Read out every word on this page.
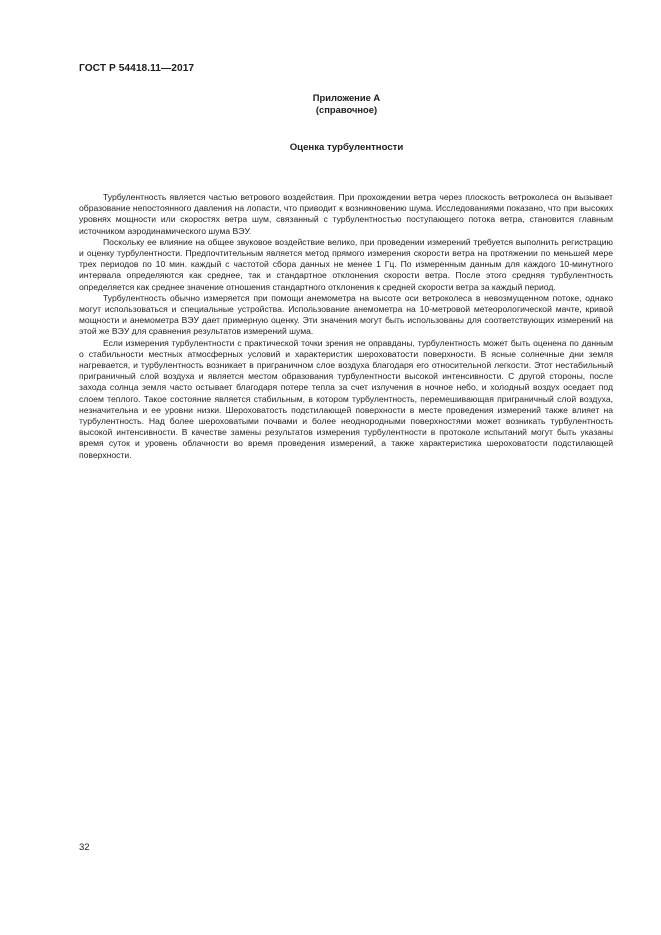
ГОСТ Р 54418.11—2017
Приложение А
(справочное)
Оценка турбулентности

Турбулентность является частью ветрового воздействия. При прохождении ветра через плоскость ветроколеса он вызывает образование непостоянного давления на лопасти, что приводит к возникновению шума. Исследованиями показано, что при высоких уровнях мощности или скоростях ветра шум, связанный с турбулентностью поступающего потока ветра, становится главным источником аэродинамического шума ВЭУ.

Поскольку ее влияние на общее звуковое воздействие велико, при проведении измерений требуется выполнить регистрацию и оценку турбулентности. Предпочтительным является метод прямого измерения скорости ветра на протяжении по меньшей мере трех периодов по 10 мин. каждый с частотой сбора данных не менее 1 Гц. По измеренным данным для каждого 10-минутного интервала определяются как среднее, так и стандартное отклонения скорости ветра. После этого средняя турбулентность определяется как среднее значение отношения стандартного отклонения к средней скорости ветра за каждый период.

Турбулентность обычно измеряется при помощи анемометра на высоте оси ветроколеса в невозмущенном потоке, однако могут использоваться и специальные устройства. Использование анемометра на 10-метровой метеорологической мачте, кривой мощности и анемометра ВЭУ дает примерную оценку. Эти значения могут быть использованы для соответствующих измерений на этой же ВЭУ для сравнения результатов измерений шума.

Если измерения турбулентности с практической точки зрения не оправданы, турбулентность может быть оценена по данным о стабильности местных атмосферных условий и характеристик шероховатости поверхности. В ясные солнечные дни земля нагревается, и турбулентность возникает в приграничном слое воздуха благодаря его относительной легкости. Этот нестабильный приграничный слой воздуха и является местом образования турбулентности высокой интенсивности. С другой стороны, после захода солнца земля часто остывает благодаря потере тепла за счет излучения в ночное небо, и холодный воздух оседает под слоем теплого. Такое состояние является стабильным, в котором турбулентность, перемешивающая приграничный слой воздуха, незначительна и ее уровни низки. Шероховатость подстилающей поверхности в месте проведения измерений также влияет на турбулентность. Над более шероховатыми почвами и более неоднородными поверхностями может возникать турбулентность высокой интенсивности. В качестве замены результатов измерения турбулентности в протоколе испытаний могут быть указаны время суток и уровень облачности во время проведения измерений, а также характеристика шероховатости подстилающей поверхности.

32
